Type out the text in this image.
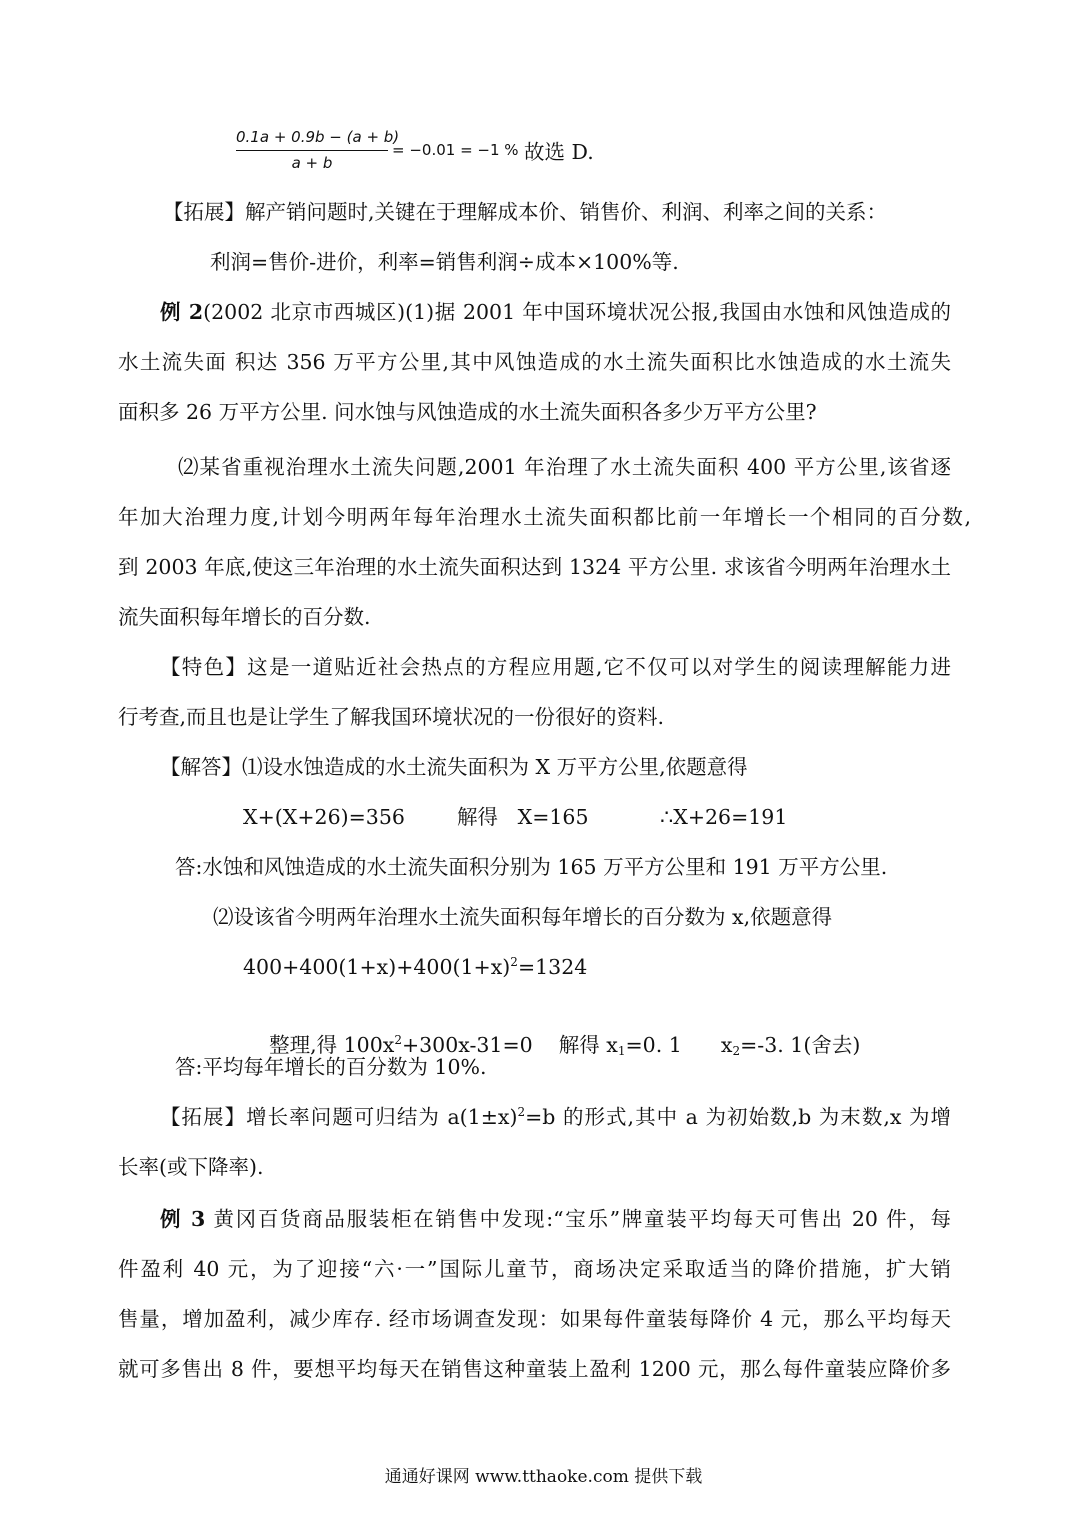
0.1a + 0.9b − (a + b)
a + b
= −0.01 = −1 % 故选 D.
【拓展】解产销问题时,关键在于理解成本价、销售价、利润、利率之间的关系：
利润=售价-进价，利率=销售利润÷成本×100%等.
例 2(2002 北京市西城区)(1)据 2001 年中国环境状况公报,我国由水蚀和风蚀造成的
水土流失面 积达 356 万平方公里,其中风蚀造成的水土流失面积比水蚀造成的水土流失
面积多 26 万平方公里. 问水蚀与风蚀造成的水土流失面积各多少万平方公里?
⑵某省重视治理水土流失问题,2001 年治理了水土流失面积 400 平方公里,该省逐
年加大治理力度,计划今明两年每年治理水土流失面积都比前一年增长一个相同的百分数,
到 2003 年底,使这三年治理的水土流失面积达到 1324 平方公里. 求该省今明两年治理水土
流失面积每年增长的百分数.
【特色】这是一道贴近社会热点的方程应用题,它不仅可以对学生的阅读理解能力进
行考查,而且也是让学生了解我国环境状况的一份很好的资料.
【解答】⑴设水蚀造成的水土流失面积为 X 万平方公里,依题意得
X+(X+26)=356        解得   X=165           ∴X+26=191
答:水蚀和风蚀造成的水土流失面积分别为 165 万平方公里和 191 万平方公里.
⑵设该省今明两年治理水土流失面积每年增长的百分数为 x,依题意得
$400+400(1+x)+400(1+x)^2=1324$

整理,得 $100x^2+300x-31=0$    解得 $x_1=0$. 1      $x_2=-3$. 1(舍去)

答:平均每年增长的百分数为 10%.
【拓展】增长率问题可归结为 $a(1\pm x)^2=b$ 的形式,其中 a 为初始数,b 为末数,x 为增
长率(或下降率).
例 3 黄冈百货商品服装柜在销售中发现:“宝乐”牌童装平均每天可售出 20 件，每
件盈利 40 元，为了迎接“六·一”国际儿童节，商场决定采取适当的降价措施，扩大销
售量，增加盈利，减少库存. 经市场调查发现：如果每件童装每降价 4 元，那么平均每天
就可多售出 8 件，要想平均每天在销售这种童装上盈利 1200 元，那么每件童装应降价多
通通好课网 www.tthaoke.com 提供下载
